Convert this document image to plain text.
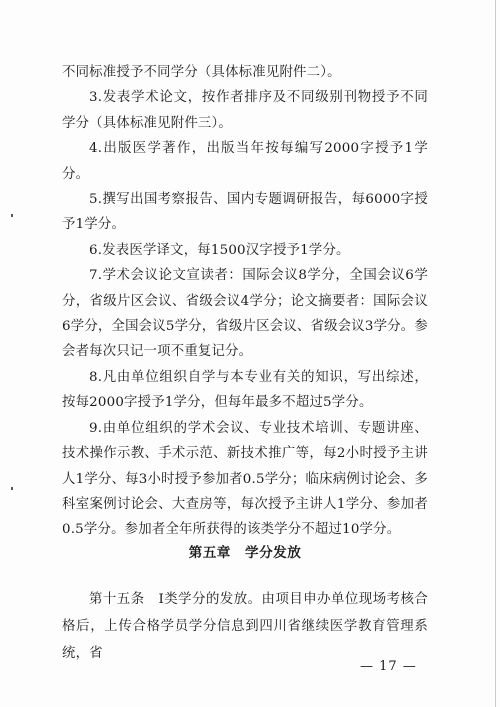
不同标准授予不同学分（具体标准见附件二）。

3.发表学术论文，按作者排序及不同级别刊物授予不同学分（具体标准见附件三）。

4.出版医学著作，出版当年按每编写2000字授予1学分。

5.撰写出国考察报告、国内专题调研报告，每6000字授予1学分。

6.发表医学译文，每1500汉字授予1学分。

7.学术会议论文宣读者：国际会议8学分，全国会议6学分，省级片区会议、省级会议4学分；论文摘要者：国际会议6学分，全国会议5学分，省级片区会议、省级会议3学分。参会者每次只记一项不重复记分。

8.凡由单位组织自学与本专业有关的知识，写出综述，按每2000字授予1学分，但每年最多不超过5学分。

9.由单位组织的学术会议、专业技术培训、专题讲座、技术操作示教、手术示范、新技术推广等，每2小时授予主讲人1学分、每3小时授予参加者0.5学分；临床病例讨论会、多科室案例讨论会、大查房等，每次授予主讲人1学分、参加者0.5学分。参加者全年所获得的该类学分不超过10学分。

第五章　学分发放

第十五条　Ⅰ类学分的发放。由项目申办单位现场考核合格后，上传合格学员学分信息到四川省继续医学教育管理系统，省

— 17 —
